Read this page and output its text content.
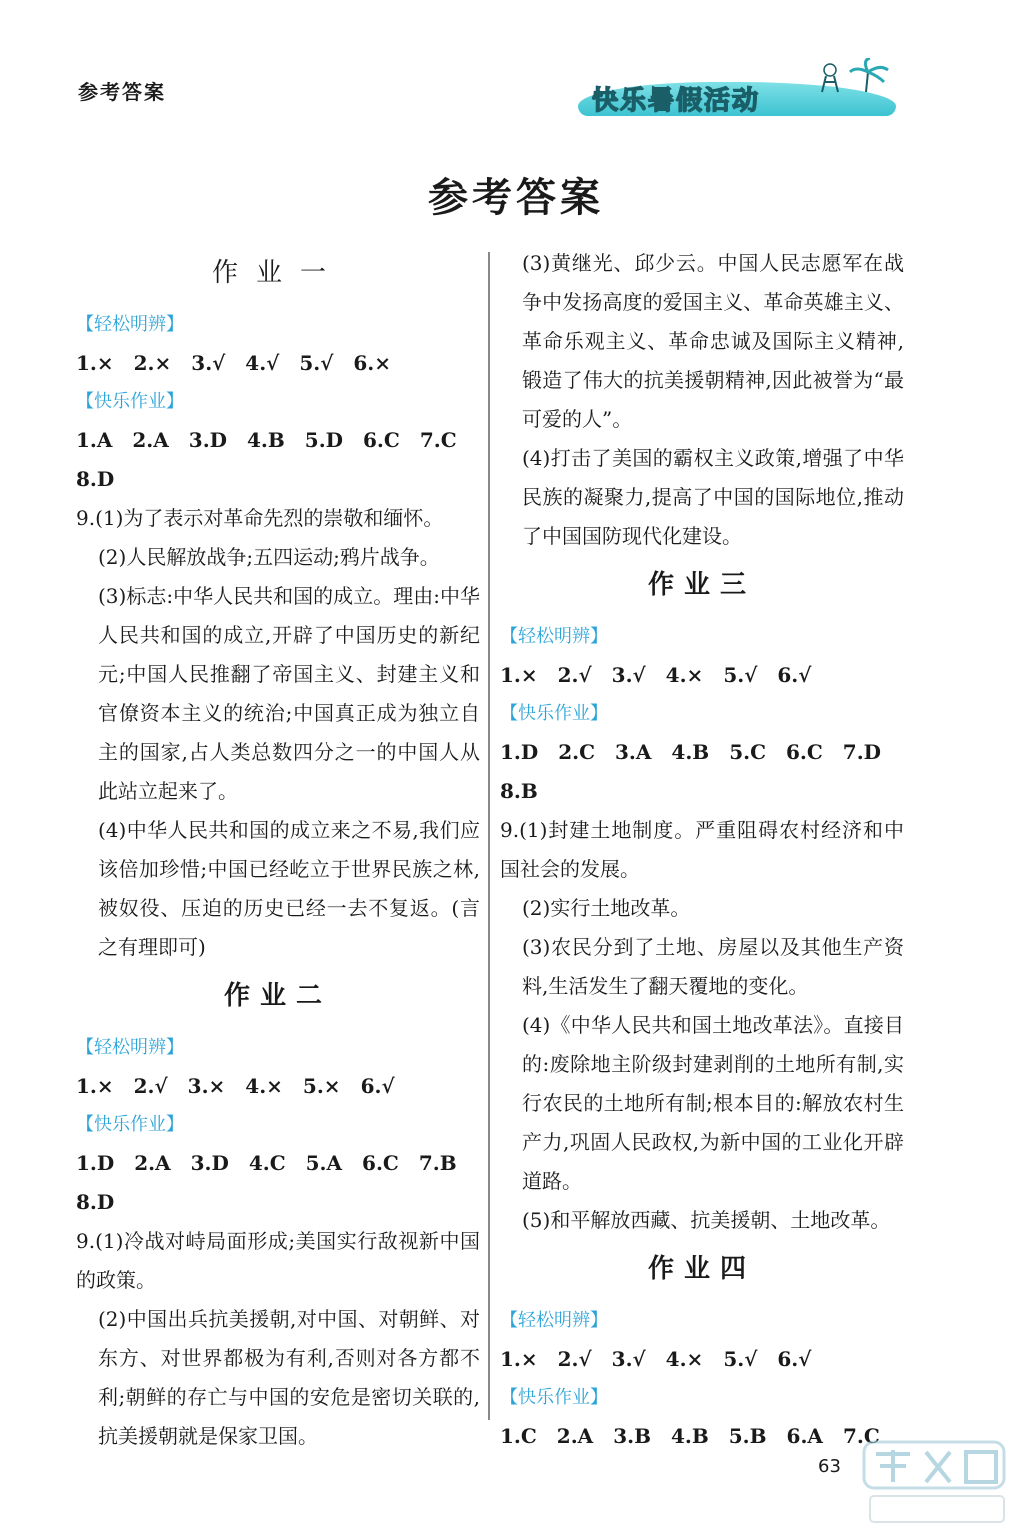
参考答案	快乐暑假活动
参考答案
作业一
【轻松明辨】
1.×　2.×　3.√　4.√　5.√　6.×
【快乐作业】
1.A　2.A　3.D　4.B　5.D　6.C　7.C
8.D
9.(1)为了表示对革命先烈的崇敬和缅怀。
(2)人民解放战争;五四运动;鸦片战争。
(3)标志:中华人民共和国的成立。理由:中华人民共和国的成立,开辟了中国历史的新纪元;中国人民推翻了帝国主义、封建主义和官僚资本主义的统治;中国真正成为独立自主的国家,占人类总数四分之一的中国人从此站立起来了。
(4)中华人民共和国的成立来之不易,我们应该倍加珍惜;中国已经屹立于世界民族之林,被奴役、压迫的历史已经一去不复返。(言之有理即可)
作业二
【轻松明辨】
1.×　2.√　3.×　4.×　5.×　6.√
【快乐作业】
1.D　2.A　3.D　4.C　5.A　6.C　7.B
8.D
9.(1)冷战对峙局面形成;美国实行敌视新中国的政策。
(2)中国出兵抗美援朝,对中国、对朝鲜、对东方、对世界都极为有利,否则对各方都不利;朝鲜的存亡与中国的安危是密切关联的,抗美援朝就是保家卫国。
(3)黄继光、邱少云。中国人民志愿军在战争中发扬高度的爱国主义、革命英雄主义、革命乐观主义、革命忠诚及国际主义精神,锻造了伟大的抗美援朝精神,因此被誉为“最可爱的人”。
(4)打击了美国的霸权主义政策,增强了中华民族的凝聚力,提高了中国的国际地位,推动了中国国防现代化建设。
作业三
【轻松明辨】
1.×　2.√　3.√　4.×　5.√　6.√
【快乐作业】
1.D　2.C　3.A　4.B　5.C　6.C　7.D
8.B
9.(1)封建土地制度。严重阻碍农村经济和中国社会的发展。
(2)实行土地改革。
(3)农民分到了土地、房屋以及其他生产资料,生活发生了翻天覆地的变化。
(4)《中华人民共和国土地改革法》。直接目的:废除地主阶级封建剥削的土地所有制,实行农民的土地所有制;根本目的:解放农村生产力,巩固人民政权,为新中国的工业化开辟道路。
(5)和平解放西藏、抗美援朝、土地改革。
作业四
【轻松明辨】
1.×　2.√　3.√　4.×　5.√　6.√
【快乐作业】
1.C　2.A　3.B　4.B　5.B　6.A　7.C
63
